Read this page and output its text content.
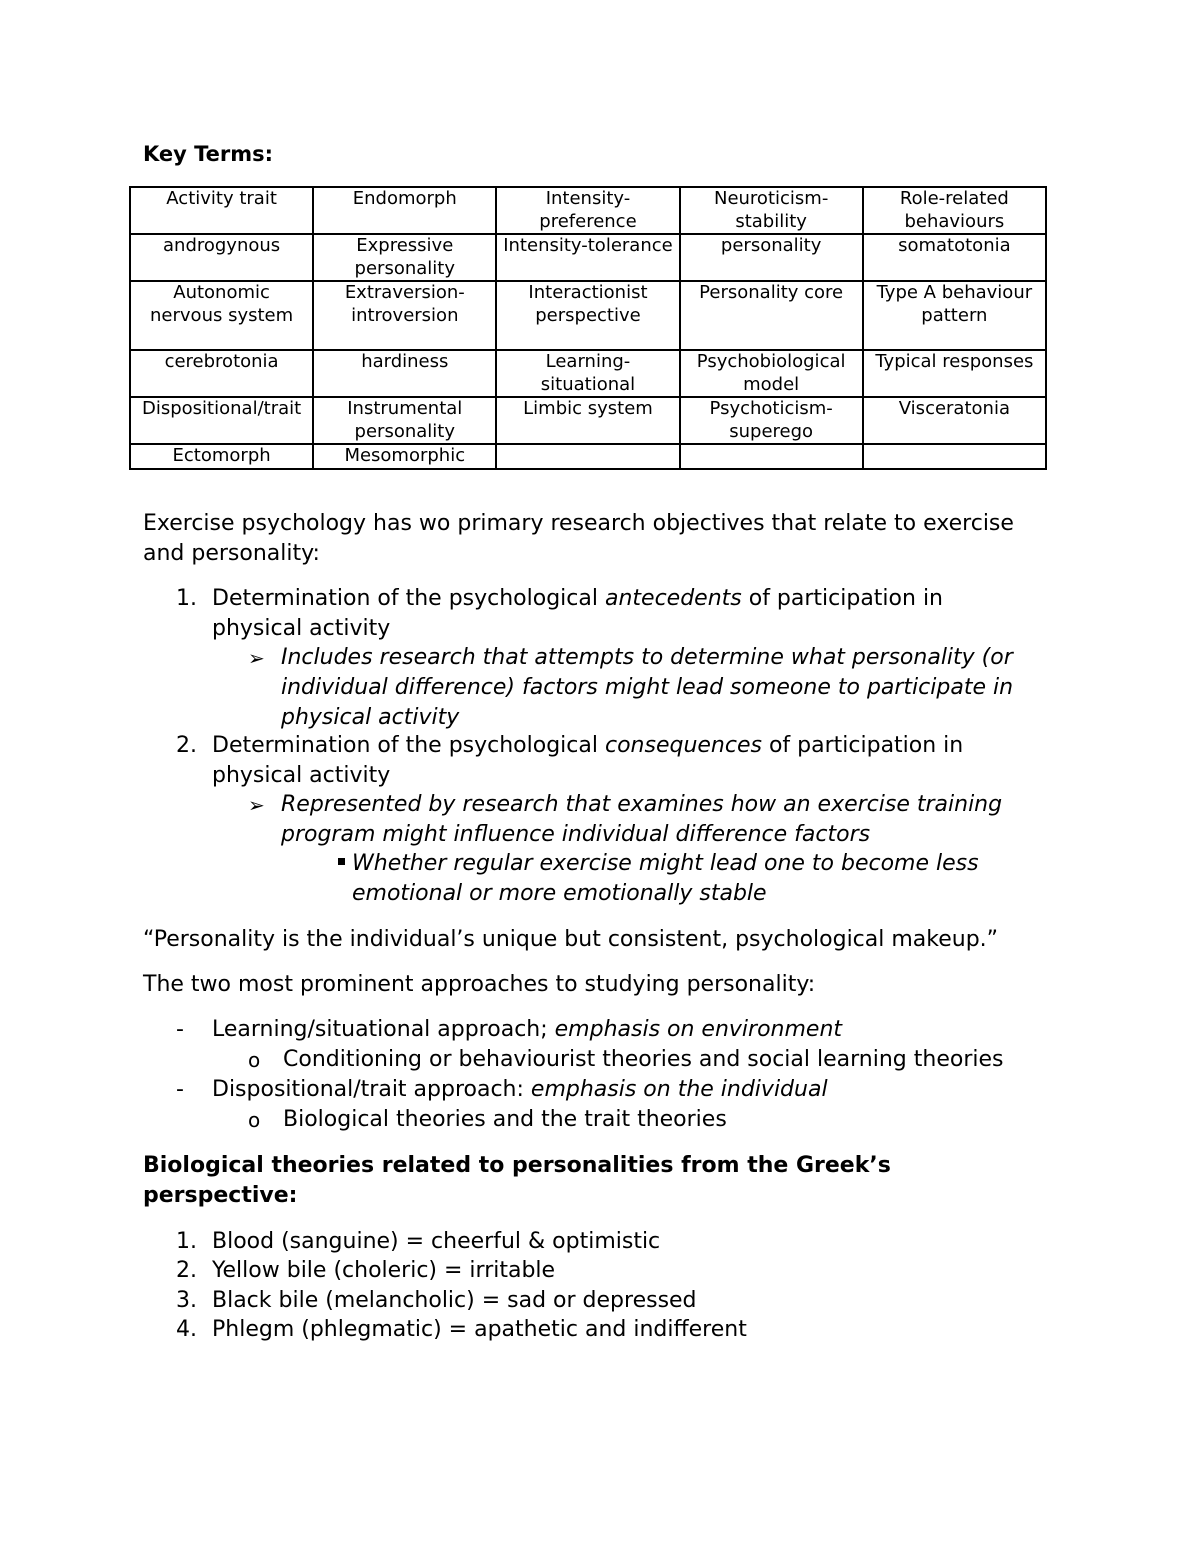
Key Terms:
Activity trait	Endomorph	Intensity-preference	Neuroticism-stability	Role-related behaviours
androgynous	Expressive personality	Intensity-tolerance	personality	somatotonia
Autonomic nervous system	Extraversion-introversion	Interactionist perspective	Personality core	Type A behaviour pattern
cerebrotonia	hardiness	Learning-situational	Psychobiological model	Typical responses
Dispositional/trait	Instrumental personality	Limbic system	Psychoticism-superego	Visceratonia
Ectomorph	Mesomorphic			

Exercise psychology has wo primary research objectives that relate to exercise and personality:

1. Determination of the psychological antecedents of participation in physical activity

➢ Includes research that attempts to determine what personality (or individual difference) factors might lead someone to participate in physical activity

2. Determination of the psychological consequences of participation in physical activity

➢ Represented by research that examines how an exercise training program might influence individual difference factors

Whether regular exercise might lead one to become less emotional or more emotionally stable

“Personality is the individual’s unique but consistent, psychological makeup.”

The two most prominent approaches to studying personality:

- Learning/situational approach; emphasis on environment

o Conditioning or behaviourist theories and social learning theories

- Dispositional/trait approach: emphasis on the individual

o Biological theories and the trait theories

Biological theories related to personalities from the Greek’s perspective:
1. Blood (sanguine) = cheerful & optimistic

2. Yellow bile (choleric) = irritable

3. Black bile (melancholic) = sad or depressed

4. Phlegm (phlegmatic) = apathetic and indifferent
